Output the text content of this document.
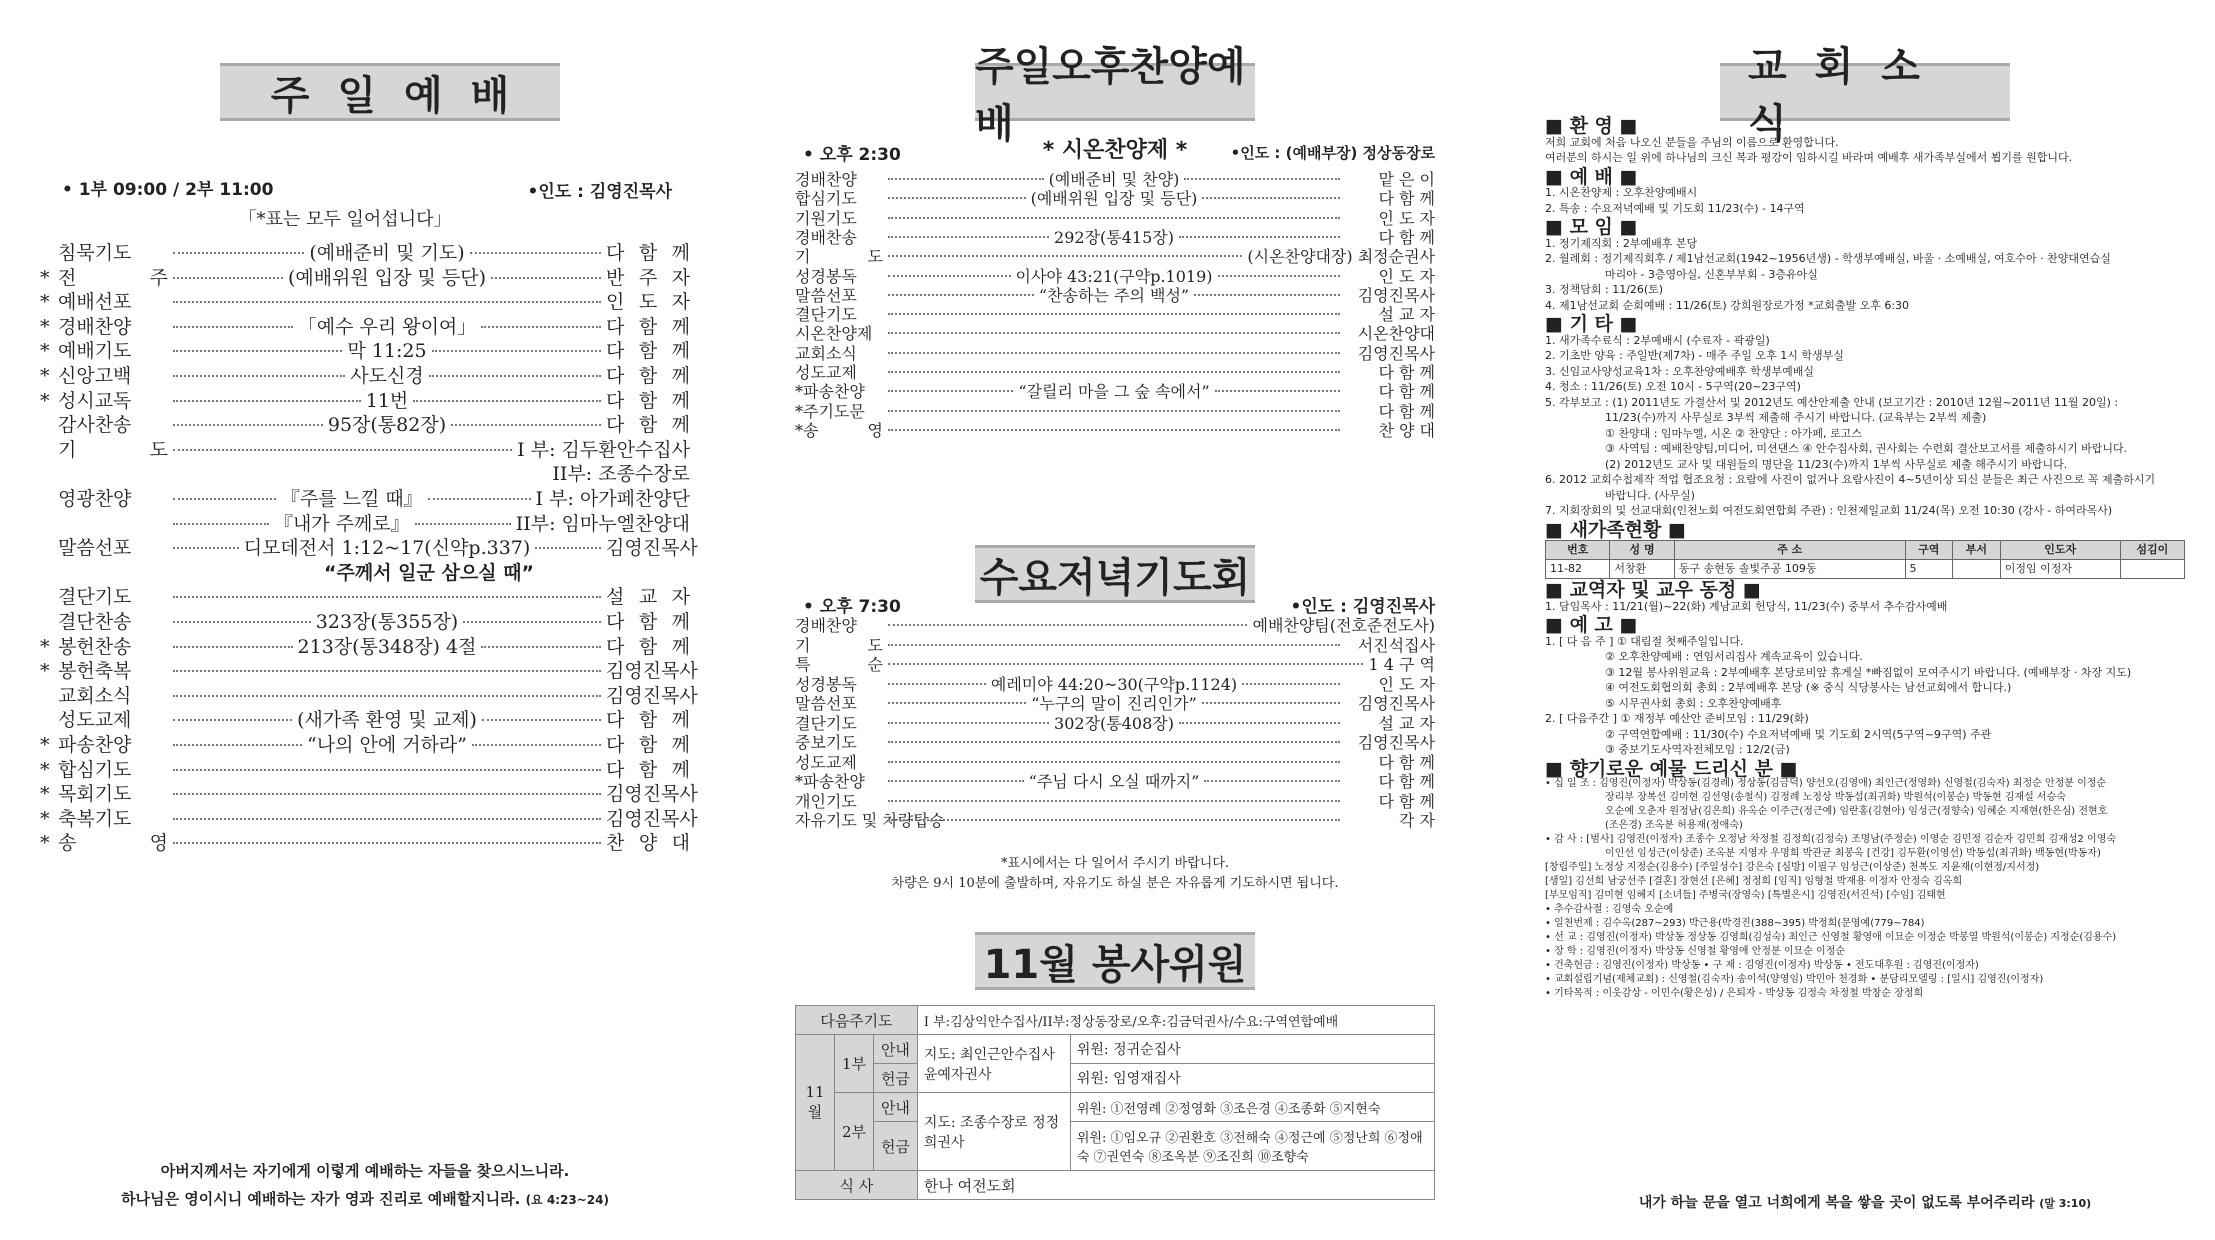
주일예배
• 1부 09:00 / 2부 11:00	•인도 : 김영진목사
「*표는 모두 일어섭니다」
침묵기도	(예배준비 및 기도)	다 함 께
* 전 주	(예배위원 입장 및 등단)	반 주 자
* 예배선포	인 도 자
* 경배찬양	「예수 우리 왕이여」	다 함 께
* 예배기도	막 11:25	다 함 께
* 신앙고백	사도신경	다 함 께
* 성시교독	11번	다 함 께
감사찬송	95장(통82장)	다 함 께
기 도	I 부: 김두환안수집사
II부: 조종수장로
영광찬양	『주를 느낄 때』	I 부: 아가페찬양단
『내가 주께로』	II부: 임마누엘찬양대
말씀선포	디모데전서 1:12~17(신약p.337)	김영진목사
“주께서 일군 삼으실 때”
결단기도	설 교 자
결단찬송	323장(통355장)	다 함 께
* 봉헌찬송	213장(통348장) 4절	다 함 께
* 봉헌축복	김영진목사
교회소식	김영진목사
성도교제	(새가족 환영 및 교제)	다 함 께
* 파송찬양	“나의 안에 거하라”	다 함 께
* 합심기도	다 함 께
* 목회기도	김영진목사
* 축복기도	김영진목사
* 송 영	찬 양 대
아버지께서는 자기에게 이렇게 예배하는 자들을 찾으시느니라.
하나님은 영이시니 예배하는 자가 영과 진리로 예배할지니라. (요 4:23~24)
주일오후찬양예배
• 오후 2:30	* 시온찬양제 *	•인도 : (예배부장) 정상동장로
경배찬양	(예배준비 및 찬양)	맡 은 이
합심기도	(예배위원 입장 및 등단)	다 함 께
기원기도	인 도 자
경배찬송	292장(통415장)	다 함 께
기 도	(시온찬양대장) 최정순권사
성경봉독	이사야 43:21(구약p.1019)	인 도 자
말씀선포	“찬송하는 주의 백성”	김영진목사
결단기도	설 교 자
시온찬양제	시온찬양대
교회소식	김영진목사
성도교제	다 함 께
*파송찬양	“갈릴리 마을 그 숲 속에서”	다 함 께
*주기도문	다 함 께
*송 영	찬 양 대
수요저녁기도회
• 오후 7:30	•인도 : 김영진목사
경배찬양	예배찬양팀(전호준전도사)
기 도	서진석집사
특 순	1 4 구 역
성경봉독	예레미야 44:20~30(구약p.1124)	인 도 자
말씀선포	“누구의 말이 진리인가”	김영진목사
결단기도	302장(통408장)	설 교 자
중보기도	김영진목사
성도교제	다 함 께
*파송찬양	“주님 다시 오실 때까지”	다 함 께
개인기도	다 함 께
자유기도 및 차량탑승	각 자
*표시에서는 다 일어서 주시기 바랍니다.
차량은 9시 10분에 출발하며, 자유기도 하실 분은 자유롭게 기도하시면 됩니다.
11월 봉사위원
다음주기도			I 부:김상익안수집사/II부:정상동장로/오후:김금덕권사/수요:구역연합예배	
11월	1부	안내	지도: 최인근안수집사 윤예자권사	위원: 정귀순집사
		헌금		위원: 임영재집사
	2부	안내	지도: 조종수장로 정정희권사	위원: ①전영례 ②정영화 ③조은경 ④조종화 ⑤지현숙
		헌금		위원: ①임오규 ②권환호 ③전해숙 ④정근예 ⑤정난희 ⑥정애숙 ⑦권연숙 ⑧조옥분 ⑨조진희 ⑩조향숙
식 사			한나 여전도회	
교회소식
■ 환 영 ■
저희 교회에 처음 나오신 분들을 주님의 이름으로 환영합니다.
여러분의 하시는 일 위에 하나님의 크신 복과 평강이 임하시길 바라며 예배후 새가족부실에서 뵙기를 원합니다.
■ 예 배 ■
1. 시온찬양제 : 오후찬양예배시
2. 특송 : 수요저녁예배 및 기도회 11/23(수) - 14구역
■ 모 임 ■
1. 정기제직회 : 2부예배후 본당
2. 월례회 : 정기제직회후 / 제1남선교회(1942~1956년생) - 학생부예배실, 바울 · 소예배실, 여호수아 · 찬양대연습실
마리아 - 3층영아실, 신혼부부회 - 3층유아실
3. 정책담회 : 11/26(토)
4. 제1남선교회 순회예배 : 11/26(토) 강희원장로가정 *교회출발 오후 6:30
■ 기 타 ■
1. 새가족수료식 : 2부예배시 (수료자 - 곽광일)
2. 기초반 양육 : 주일반(제7차) - 매주 주일 오후 1시 학생부실
3. 신임교사양성교육1차 : 오후찬양예배후 학생부예배실
4. 청소 : 11/26(토) 오전 10시 - 5구역(20~23구역)
5. 각부보고 : (1) 2011년도 가결산서 및 2012년도 예산안제출 안내 (보고기간 : 2010년 12월~2011년 11월 20일) :
11/23(수)까지 사무실로 3부씩 제출해 주시기 바랍니다. (교육부는 2부씩 제출)
① 찬양대 : 임마누엘, 시온 ② 찬양단 : 아가페, 로고스
③ 사역팀 : 예배찬양팀,미디어, 미션댄스 ④ 안수집사회, 권사회는 수련회 결산보고서를 제출하시기 바랍니다.
(2) 2012년도 교사 및 대원들의 명단을 11/23(수)까지 1부씩 사무실로 제출 해주시기 바랍니다.
6. 2012 교회수첩제작 적업 협조요청 : 요람에 사진이 없거나 요람사진이 4~5년이상 되신 분들은 최근 사진으로 꼭 제출하시기
바랍니다. (사무실)
7. 지회장회의 및 선교대회(인천노회 여전도회연합회 주관) : 인천제일교회 11/24(목) 오전 10:30 (강사 - 하여라목사)
■ 새가족현황 ■
번호	성 명	주 소	구역	부서	인도자	섬김이
11-82	서창환	동구 송현동 솔빛주공 109동	5		이정임 이정자	
■ 교역자 및 교우 동정 ■
1. 담임목사 : 11/21(월)~22(화) 계남교회 헌당식, 11/23(수) 중부서 추수감사예배
■ 예 고 ■
1. [ 다 음 주 ] ① 대림절 첫째주일입니다.
② 오후찬양예배 : 연임서리집사 계속교육이 있습니다.
③ 12월 봉사위원교육 : 2부예배후 본당로비앞 휴게실 *빠짐없이 모여주시기 바랍니다. (예배부장 · 차장 지도)
④ 여전도회협의회 총회 : 2부예배후 본당 (※ 중식 식당봉사는 남선교회에서 합니다.)
⑤ 시무권사회 총회 : 오후찬양예배후
2. [ 다음주간 ] ① 재정부 예산안 준비모임 : 11/29(화)
② 구역연합예배 : 11/30(수) 수요저녁예배 및 기도회 2시역(5구역~9구역) 주관
③ 중보기도사역자전체모임 : 12/2(금)
■ 향기로운 예물 드리신 분 ■
• 십 일 조 : 김영진(이정자) 박상동(김경례) 정상동(김금덕) 양선오(김영애) 최인근(정영화) 신영철(김숙자) 최정순 안정분 이정순
장리부 장복선 김미현 김선영(송철식) 김정례 노정상 박동섭(최귀화) 박원석(이봉순) 박동현 김재설 서승숙
오순예 오춘자 원정남(김은희) 유옥순 이주근(정근예) 임란홍(김현아) 임성근(정향숙) 임혜순 지재현(한은심) 전현호
(조은경) 조옥분 허용재(정애숙)
• 감 사 : [범사] 김영진(이정자) 조종수 오정남 차정철 김정희(김정숙) 조명남(주정순) 이영순 김민정 김순자 김민희 김재성2 이영숙
이인선 임성근(이상준) 조옥분 지영자 우명희 박관균 최봉옥 [건강] 김두환(이영선) 박동섭(최귀화) 백동현(박동자)
[창립주일] 노정상 지정순(김용수) [주일성수] 강은숙 [심방] 이필구 임성근(이상준) 천복도 지윤재(이현정/지서정)
[생일] 김선희 남궁선주 [결혼] 장현선 [은혜] 정정희 [임직] 임형철 박재용 이정자 안정숙 김옥희
[부모임직] 김미현 임혜지 [소녀들] 주병국(장영숙) [특별은시] 김영진(서진석) [수임] 김태현
• 추수감사절 : 김영숙 오순예
• 일천번제 : 김수옥(287~293) 박근용(박경진(388~395) 박정희(문영예(779~784)
• 선 교 : 김영진(이정자) 박상동 정상동 김영희(김성숙) 최인근 신영철 황영애 이묘순 이정순 박봉열 박원석(이봉순) 지정순(김용수)
• 장 학 : 김영진(이정자) 박상동 신영철 황영애 안정분 이묘순 이정순
• 건축헌금 : 김영진(이정자) 박상동 • 구 제 : 김영진(이정자) 박상동 • 전도대후원 : 김영진(이정자)
• 교회설립기념(제체교회) : 신영철(김숙자) 송이석(양영임) 박민아 천경화 • 분담리모델링 : [일시] 김영진(이정자)
• 기타목적 : 이웃감상 - 이민수(황은성) / 은퇴자 - 박상동 김정숙 차정철 박창순 장정희
내가 하늘 문을 열고 너희에게 복을 쌓을 곳이 없도록 부어주리라 (말 3:10)
